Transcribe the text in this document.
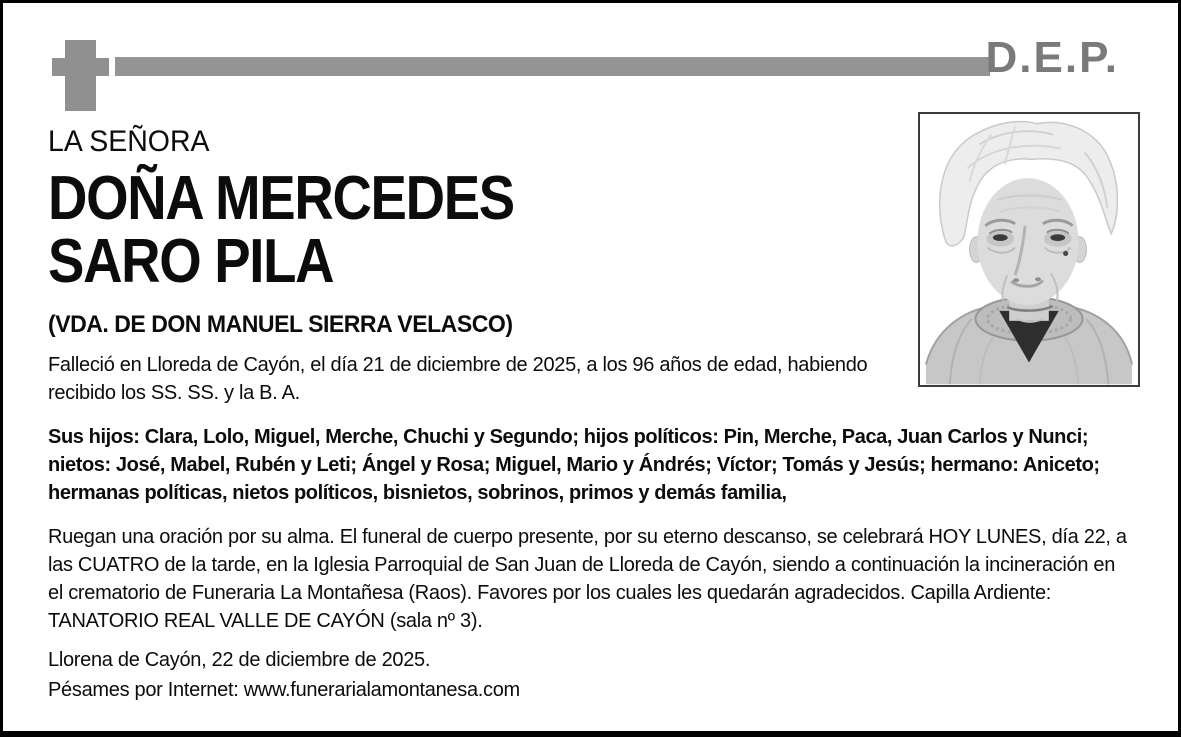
D.E.P.
LA SEÑORA
DOÑA MERCEDES
SARO PILA
(VDA. DE DON MANUEL SIERRA VELASCO)

Falleció en Lloreda de Cayón, el día 21 de diciembre de 2025, a los 96 años de edad, habiendo recibido los SS. SS. y la B. A.

Sus hijos: Clara, Lolo, Miguel, Merche, Chuchi y Segundo; hijos políticos: Pin, Merche, Paca, Juan Carlos y Nunci; nietos: José, Mabel, Rubén y Leti; Ángel y Rosa; Miguel, Mario y Ándrés; Víctor; Tomás y Jesús; hermano: Aniceto; hermanas políticas, nietos políticos, bisnietos, sobrinos, primos y demás familia,

Ruegan una oración por su alma. El funeral de cuerpo presente, por su eterno descanso, se celebrará HOY LUNES, día 22, a las CUATRO de la tarde, en la Iglesia Parroquial de San Juan de Lloreda de Cayón, siendo a continuación la incineración en el crematorio de Funeraria La Montañesa (Raos). Favores por los cuales les quedarán agradecidos. Capilla Ardiente: TANATORIO REAL VALLE DE CAYÓN (sala nº 3).

Llorena de Cayón, 22 de diciembre de 2025.

Pésames por Internet: www.funerarialamontanesa.com
